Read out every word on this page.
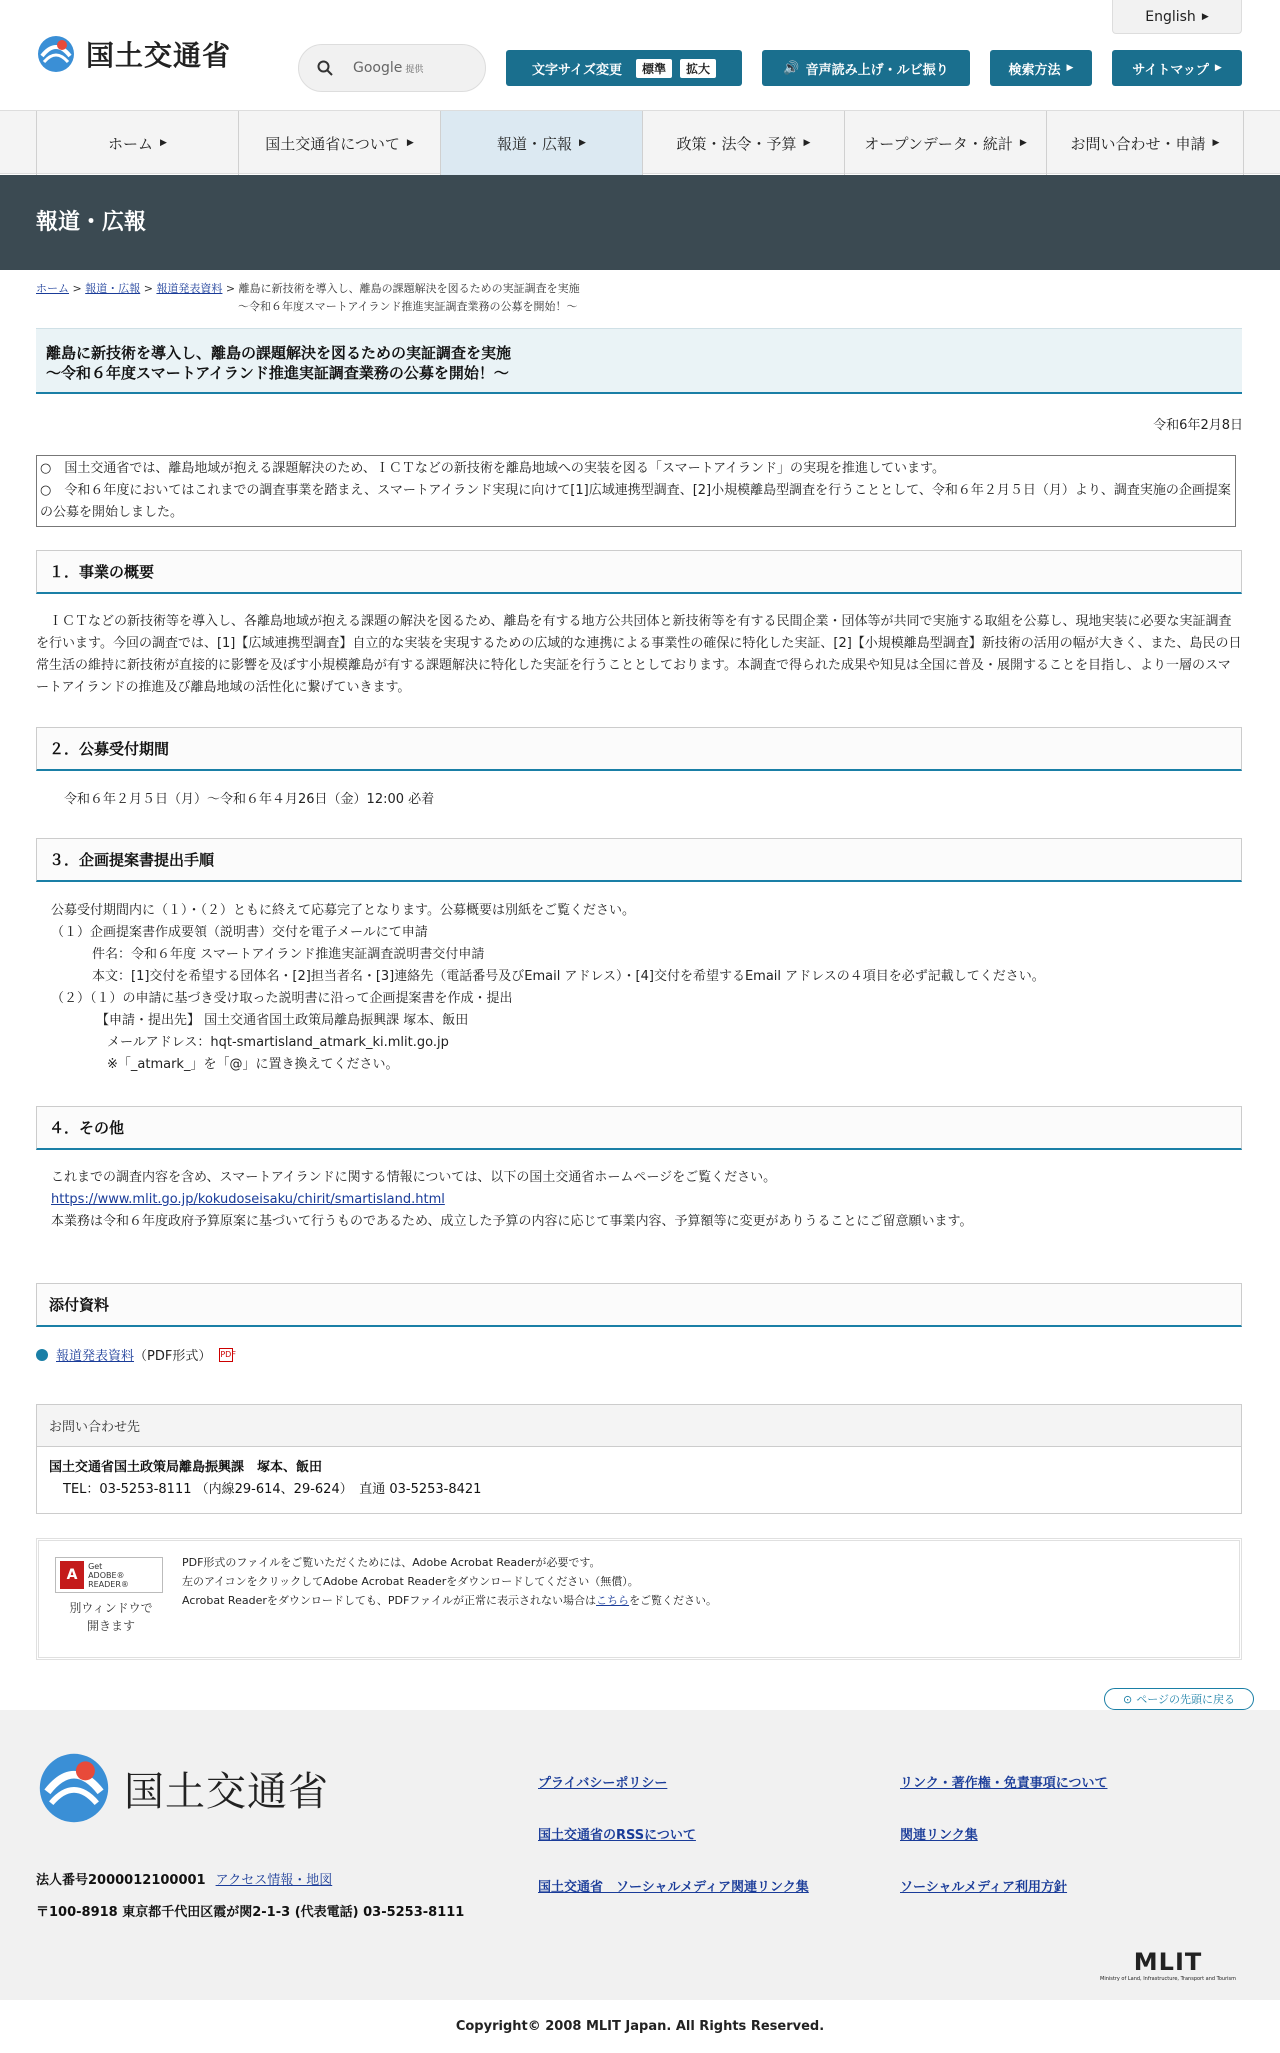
国土交通省	Google 提供
English ▶
文字サイズ変更	標準	拡大	🔊 音声読み上げ・ルビ振り	検索方法 ▶	サイトマップ ▶
ホーム ▶	国土交通省について ▶	報道・広報 ▶	政策・法令・予算 ▶	オープンデータ・統計 ▶	お問い合わせ・申請 ▶
報道・広報
ホーム > 報道・広報 > 報道発表資料 > 離島に新技術を導入し、離島の課題解決を図るための実証調査を実施
～令和６年度スマートアイランド推進実証調査業務の公募を開始！～
離島に新技術を導入し、離島の課題解決を図るための実証調査を実施
～令和６年度スマートアイランド推進実証調査業務の公募を開始！～
令和6年2月8日
○　国土交通省では、離島地域が抱える課題解決のため、ＩＣＴなどの新技術を離島地域への実装を図る「スマートアイランド」の実現を推進しています。
○　令和６年度においてはこれまでの調査事業を踏まえ、スマートアイランド実現に向けて[1]広域連携型調査、[2]小規模離島型調査を行うこととして、令和６年２月５日（月）より、調査実施の企画提案の公募を開始しました。
１．事業の概要
　ＩＣＴなどの新技術等を導入し、各離島地域が抱える課題の解決を図るため、離島を有する地方公共団体と新技術等を有する民間企業・団体等が共同で実施する取組を公募し、現地実装に必要な実証調査を行います。今回の調査では、[1]【広域連携型調査】自立的な実装を実現するための広域的な連携による事業性の確保に特化した実証、[2]【小規模離島型調査】新技術の活用の幅が大きく、また、島民の日常生活の維持に新技術が直接的に影響を及ぼす小規模離島が有する課題解決に特化した実証を行うこととしております。本調査で得られた成果や知見は全国に普及・展開することを目指し、より一層のスマートアイランドの推進及び離島地域の活性化に繋げていきます。
２．公募受付期間
令和６年２月５日（月）～令和６年４月26日（金）12:00 必着
３．企画提案書提出手順
公募受付期間内に（１）・（２）ともに終えて応募完了となります。公募概要は別紙をご覧ください。
（１）企画提案書作成要領（説明書）交付を電子メールにて申請
件名：令和６年度 スマートアイランド推進実証調査説明書交付申請
本文：[1]交付を希望する団体名・[2]担当者名・[3]連絡先（電話番号及びEmail アドレス）・[4]交付を希望するEmail アドレスの４項目を必ず記載してください。
（２）（１）の申請に基づき受け取った説明書に沿って企画提案書を作成・提出
【申請・提出先】 国土交通省国土政策局離島振興課 塚本、飯田
メールアドレス：hqt-smartisland_atmark_ki.mlit.go.jp
※「_atmark_」を「@」に置き換えてください。
４．その他
これまでの調査内容を含め、スマートアイランドに関する情報については、以下の国土交通省ホームページをご覧ください。
https://www.mlit.go.jp/kokudoseisaku/chirit/smartisland.html
本業務は令和６年度政府予算原案に基づいて行うものであるため、成立した予算の内容に応じて事業内容、予算額等に変更がありうることにご留意願います。
添付資料
報道発表資料 （PDF形式） PDF
お問い合わせ先
国土交通省国土政策局離島振興課　塚本、飯田
TEL：03-5253-8111 （内線29-614、29-624）　直通 03-5253-8421
A
Get
ADOBE® READER®
別ウィンドウで
開きます
PDF形式のファイルをご覧いただくためには、Adobe Acrobat Readerが必要です。
左のアイコンをクリックしてAdobe Acrobat Readerをダウンロードしてください（無償）。
Acrobat Readerをダウンロードしても、PDFファイルが正常に表示されない場合はこちらをご覧ください。
⊙ ページの先頭に戻る
国土交通省
法人番号2000012100001 アクセス情報・地図
〒100-8918 東京都千代田区霞が関2-1-3 (代表電話) 03-5253-8111
プライバシーポリシー	リンク・著作権・免責事項について
国土交通省のRSSについて	関連リンク集
国土交通省　ソーシャルメディア関連リンク集	ソーシャルメディア利用方針
MLIT
Ministry of Land, Infrastructure, Transport and Tourism
Copyright© 2008 MLIT Japan. All Rights Reserved.
